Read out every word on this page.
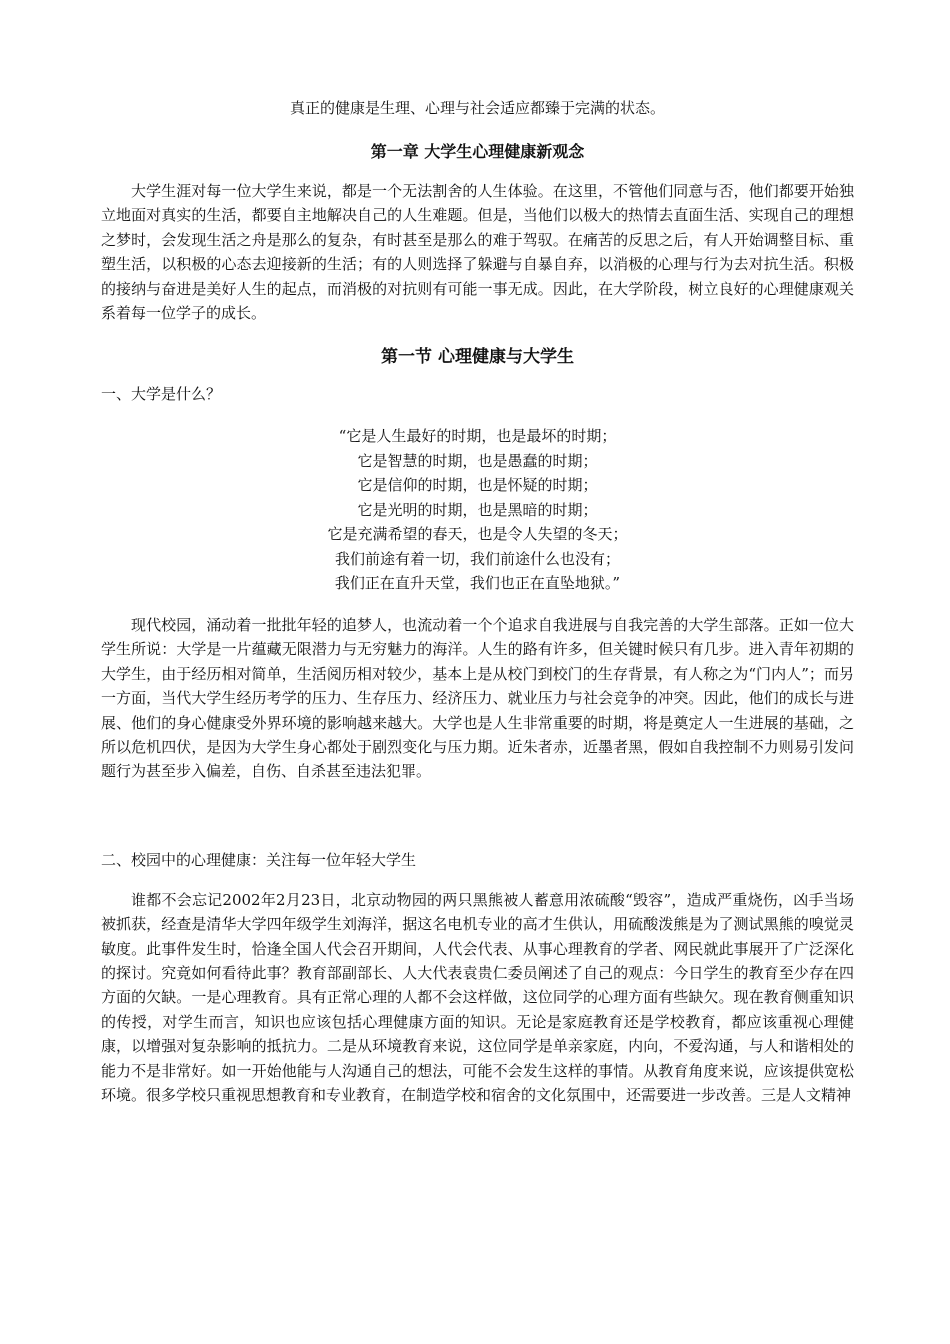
真正的健康是生理、心理与社会适应都臻于完满的状态。

第一章 大学生心理健康新观念

大学生涯对每一位大学生来说，都是一个无法割舍的人生体验。在这里，不管他们同意与否，他们都要开始独立地面对真实的生活，都要自主地解决自己的人生难题。但是，当他们以极大的热情去直面生活、实现自己的理想之梦时，会发现生活之舟是那么的复杂，有时甚至是那么的难于驾驭。在痛苦的反思之后，有人开始调整目标、重塑生活，以积极的心态去迎接新的生活；有的人则选择了躲避与自暴自弃，以消极的心理与行为去对抗生活。积极的接纳与奋进是美好人生的起点，而消极的对抗则有可能一事无成。因此，在大学阶段，树立良好的心理健康观关系着每一位学子的成长。

第一节 心理健康与大学生

一、大学是什么？

“它是人生最好的时期，也是最坏的时期；
它是智慧的时期，也是愚蠢的时期；
它是信仰的时期，也是怀疑的时期；
它是光明的时期，也是黑暗的时期；
它是充满希望的春天，也是令人失望的冬天；
我们前途有着一切，我们前途什么也没有；
我们正在直升天堂，我们也正在直坠地狱。”

现代校园，涌动着一批批年轻的追梦人，也流动着一个个追求自我进展与自我完善的大学生部落。正如一位大学生所说：大学是一片蕴藏无限潜力与无穷魅力的海洋。人生的路有许多，但关键时候只有几步。进入青年初期的大学生，由于经历相对简单，生活阅历相对较少，基本上是从校门到校门的生存背景，有人称之为“门内人”；而另一方面，当代大学生经历考学的压力、生存压力、经济压力、就业压力与社会竞争的冲突。因此，他们的成长与进展、他们的身心健康受外界环境的影响越来越大。大学也是人生非常重要的时期，将是奠定人一生进展的基础，之所以危机四伏，是因为大学生身心都处于剧烈变化与压力期。近朱者赤，近墨者黑，假如自我控制不力则易引发问题行为甚至步入偏差，自伤、自杀甚至违法犯罪。

二、校园中的心理健康：关注每一位年轻大学生

谁都不会忘记2002年2月23日，北京动物园的两只黑熊被人蓄意用浓硫酸“毁容”，造成严重烧伤，凶手当场被抓获，经查是清华大学四年级学生刘海洋，据这名电机专业的高才生供认，用硫酸泼熊是为了测试黑熊的嗅觉灵敏度。此事件发生时，恰逢全国人代会召开期间，人代会代表、从事心理教育的学者、网民就此事展开了广泛深化的探讨。究竟如何看待此事？教育部副部长、人大代表袁贵仁委员阐述了自己的观点：今日学生的教育至少存在四方面的欠缺。一是心理教育。具有正常心理的人都不会这样做，这位同学的心理方面有些缺欠。现在教育侧重知识的传授，对学生而言，知识也应该包括心理健康方面的知识。无论是家庭教育还是学校教育，都应该重视心理健康，以增强对复杂影响的抵抗力。二是从环境教育来说，这位同学是单亲家庭，内向，不爱沟通，与人和谐相处的能力不是非常好。如一开始他能与人沟通自己的想法，可能不会发生这样的事情。从教育角度来说，应该提供宽松环境。很多学校只重视思想教育和专业教育，在制造学校和宿舍的文化氛围中，还需要进一步改善。三是人文精神
